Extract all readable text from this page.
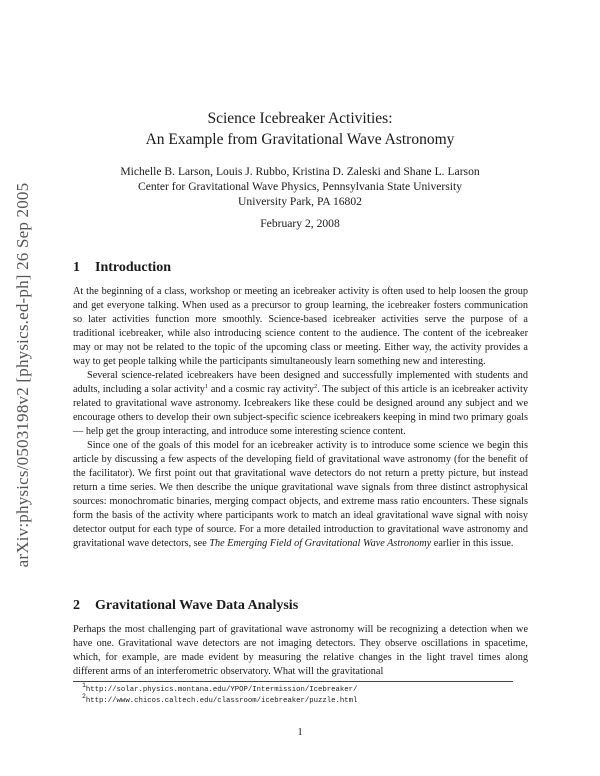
arXiv:physics/0503198v2 [physics.ed-ph] 26 Sep 2005
Science Icebreaker Activities:
An Example from Gravitational Wave Astronomy
Michelle B. Larson, Louis J. Rubbo, Kristina D. Zaleski and Shane L. Larson
Center for Gravitational Wave Physics, Pennsylvania State University
University Park, PA 16802
February 2, 2008
1 Introduction

At the beginning of a class, workshop or meeting an icebreaker activity is often used to help loosen the group and get everyone talking. When used as a precursor to group learning, the icebreaker fosters communication so later activities function more smoothly. Science-based icebreaker activities serve the purpose of a traditional icebreaker, while also introducing science content to the audience. The content of the icebreaker may or may not be related to the topic of the upcoming class or meeting. Either way, the activity provides a way to get people talking while the participants simultaneously learn something new and interesting.

Several science-related icebreakers have been designed and successfully implemented with students and adults, including a solar activity$^1$ and a cosmic ray activity$^2$. The subject of this article is an icebreaker activity related to gravitational wave astronomy. Icebreakers like these could be designed around any subject and we encourage others to develop their own subject-specific science icebreakers keeping in mind two primary goals — help get the group interacting, and introduce some interesting science content.

Since one of the goals of this model for an icebreaker activity is to introduce some science we begin this article by discussing a few aspects of the developing field of gravitational wave astronomy (for the benefit of the facilitator). We first point out that gravitational wave detectors do not return a pretty picture, but instead return a time series. We then describe the unique gravitational wave signals from three distinct astrophysical sources: monochromatic binaries, merging compact objects, and extreme mass ratio encounters. These signals form the basis of the activity where participants work to match an ideal gravitational wave signal with noisy detector output for each type of source. For a more detailed introduction to gravitational wave astronomy and gravitational wave detectors, see The Emerging Field of Gravitational Wave Astronomy earlier in this issue.

2 Gravitational Wave Data Analysis

Perhaps the most challenging part of gravitational wave astronomy will be recognizing a detection when we have one. Gravitational wave detectors are not imaging detectors. They observe oscillations in spacetime, which, for example, are made evident by measuring the relative changes in the light travel times along different arms of an interferometric observatory. What will the gravitational

$^1$http://solar.physics.montana.edu/YPOP/Intermission/Icebreaker/
$^2$http://www.chicos.caltech.edu/classroom/icebreaker/puzzle.html
1
